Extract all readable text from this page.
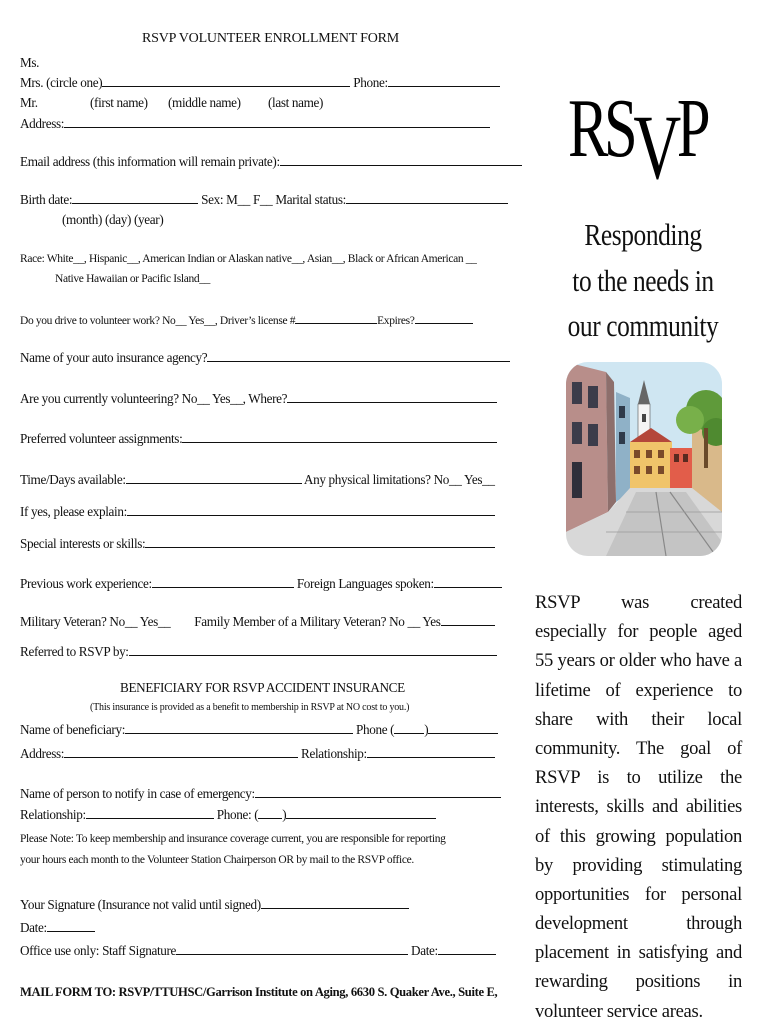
RSVP VOLUNTEER ENROLLMENT FORM
Ms.
Mrs. (circle one)	Phone:
Mr.	(first name) (middle name) (last name)
Address:
Email address (this information will remain private):
Birth date:	Sex: M__ F__ Marital status:
(month) (day) (year)
Race: White__, Hispanic__, American Indian or Alaskan native__, Asian__, Black or African American __
Native Hawaiian or Pacific Island__
Do you drive to volunteer work? No__ Yes__, Driver’s license #	Expires?
Name of your auto insurance agency?
Are you currently volunteering? No__ Yes__, Where?
Preferred volunteer assignments:
Time/Days available:	Any physical limitations? No__ Yes__
If yes, please explain:
Special interests or skills:
Previous work experience:	Foreign Languages spoken:
Military Veteran? No__ Yes__ Family Member of a Military Veteran? No __ Yes
Referred to RSVP by:
BENEFICIARY FOR RSVP ACCIDENT INSURANCE
(This insurance is provided as a benefit to membership in RSVP at NO cost to you.)
Name of beneficiary:	Phone ( )
Address:	Relationship:
Name of person to notify in case of emergency:
Relationship:	Phone: ( )
Please Note: To keep membership and insurance coverage current, you are responsible for reporting
your hours each month to the Volunteer Station Chairperson OR by mail to the RSVP office.
Your Signature (Insurance not valid until signed)
Date:
Office use only: Staff Signature	Date:
MAIL FORM TO: RSVP/TTUHSC/Garrison Institute on Aging, 6630 S. Quaker Ave., Suite E,
RSVP
Responding
to the needs in
our community
RSVP was created especially for people aged 55 years or older who have a lifetime of experience to share with their local community. The goal of RSVP is to utilize the interests, skills and abilities of this growing population by providing stimulating opportunities for personal development through placement in satisfying and rewarding positions in volunteer service areas.
